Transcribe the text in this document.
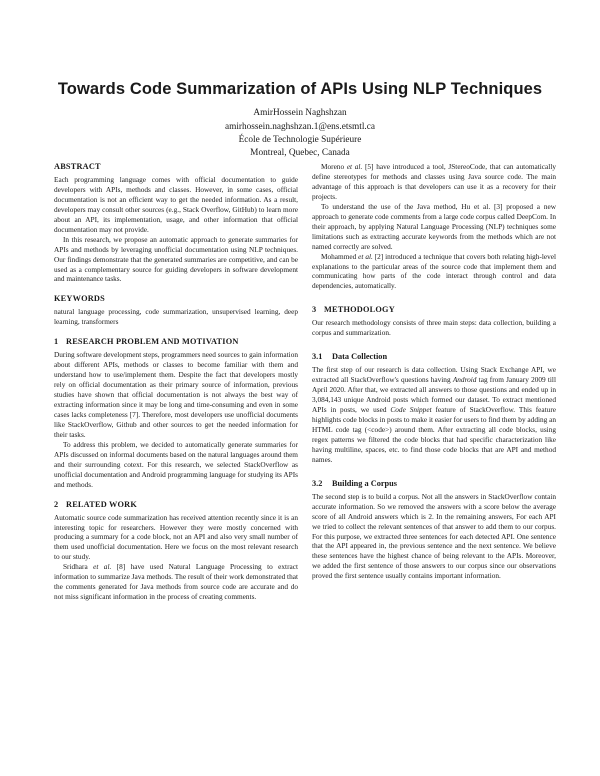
Towards Code Summarization of APIs Using NLP Techniques
AmirHossein Naghshzan
amirhossein.naghshzan.1@ens.etsmtl.ca
École de Technologie Supérieure
Montreal, Quebec, Canada
ABSTRACT

Each programming language comes with official documentation to guide developers with APIs, methods and classes. However, in some cases, official documentation is not an efficient way to get the needed information. As a result, developers may consult other sources (e.g., Stack Overflow, GitHub) to learn more about an API, its implementation, usage, and other information that official documentation may not provide.

In this research, we propose an automatic approach to generate summaries for APIs and methods by leveraging unofficial documentation using NLP techniques. Our findings demonstrate that the generated summaries are competitive, and can be used as a complementary source for guiding developers in software development and maintenance tasks.

KEYWORDS

natural language processing, code summarization, unsupervised learning, deep learning, transformers

1 RESEARCH PROBLEM AND MOTIVATION

During software development steps, programmers need sources to gain information about different APIs, methods or classes to become familiar with them and understand how to use/implement them. Despite the fact that developers mostly rely on official documentation as their primary source of information, previous studies have shown that official documentation is not always the best way of extracting information since it may be long and time-consuming and even in some cases lacks completeness [7]. Therefore, most developers use unofficial documents like StackOverflow, Github and other sources to get the needed information for their tasks.

To address this problem, we decided to automatically generate summaries for APIs discussed on informal documents based on the natural languages around them and their surrounding cotext. For this research, we selected StackOverflow as unofficial documentation and Android programming language for studying its APIs and methods.

2 RELATED WORK

Automatic source code summarization has received attention recently since it is an interesting topic for researchers. However they were mostly concerned with producing a summary for a code block, not an API and also very small number of them used unofficial documentation. Here we focus on the most relevant research to our study.

Sridhara et al. [8] have used Natural Language Processing to extract information to summarize Java methods. The result of their work demonstrated that the comments generated for Java methods from source code are accurate and do not miss significant information in the process of creating comments.

Moreno et al. [5] have introduced a tool, JStereoCode, that can automatically define stereotypes for methods and classes using Java source code. The main advantage of this approach is that developers can use it as a recovery for their projects.

To understand the use of the Java method, Hu et al. [3] proposed a new approach to generate code comments from a large code corpus called DeepCom. In their approach, by applying Natural Language Processing (NLP) techniques some limitations such as extracting accurate keywords from the methods which are not named correctly are solved.

Mohammed et al. [2] introduced a technique that covers both relating high-level explanations to the particular areas of the source code that implement them and communicating how parts of the code interact through control and data dependencies, automatically.

3 METHODOLOGY

Our research methodology consists of three main steps: data collection, building a corpus and summarization.

3.1 Data Collection

The first step of our research is data collection. Using Stack Exchange API, we extracted all StackOverflow's questions having Android tag from January 2009 till April 2020. After that, we extracted all answers to those questions and ended up in 3,084,143 unique Android posts which formed our dataset. To extract mentioned APIs in posts, we used Code Snippet feature of StackOverflow. This feature highlights code blocks in posts to make it easier for users to find them by adding an HTML code tag (<code>) around them. After extracting all code blocks, using regex patterns we filtered the code blocks that had specific characterization like having multiline, spaces, etc. to find those code blocks that are API and method names.

3.2 Building a Corpus

The second step is to build a corpus. Not all the answers in StackOverflow contain accurate information. So we removed the answers with a score below the average score of all Android answers which is 2. In the remaining answers, For each API we tried to collect the relevant sentences of that answer to add them to our corpus. For this purpose, we extracted three sentences for each detected API. One sentence that the API appeared in, the previous sentence and the next sentence. We believe these sentences have the highest chance of being relevant to the APIs. Moreover, we added the first sentence of those answers to our corpus since our observations proved the first sentence usually contains important information.
